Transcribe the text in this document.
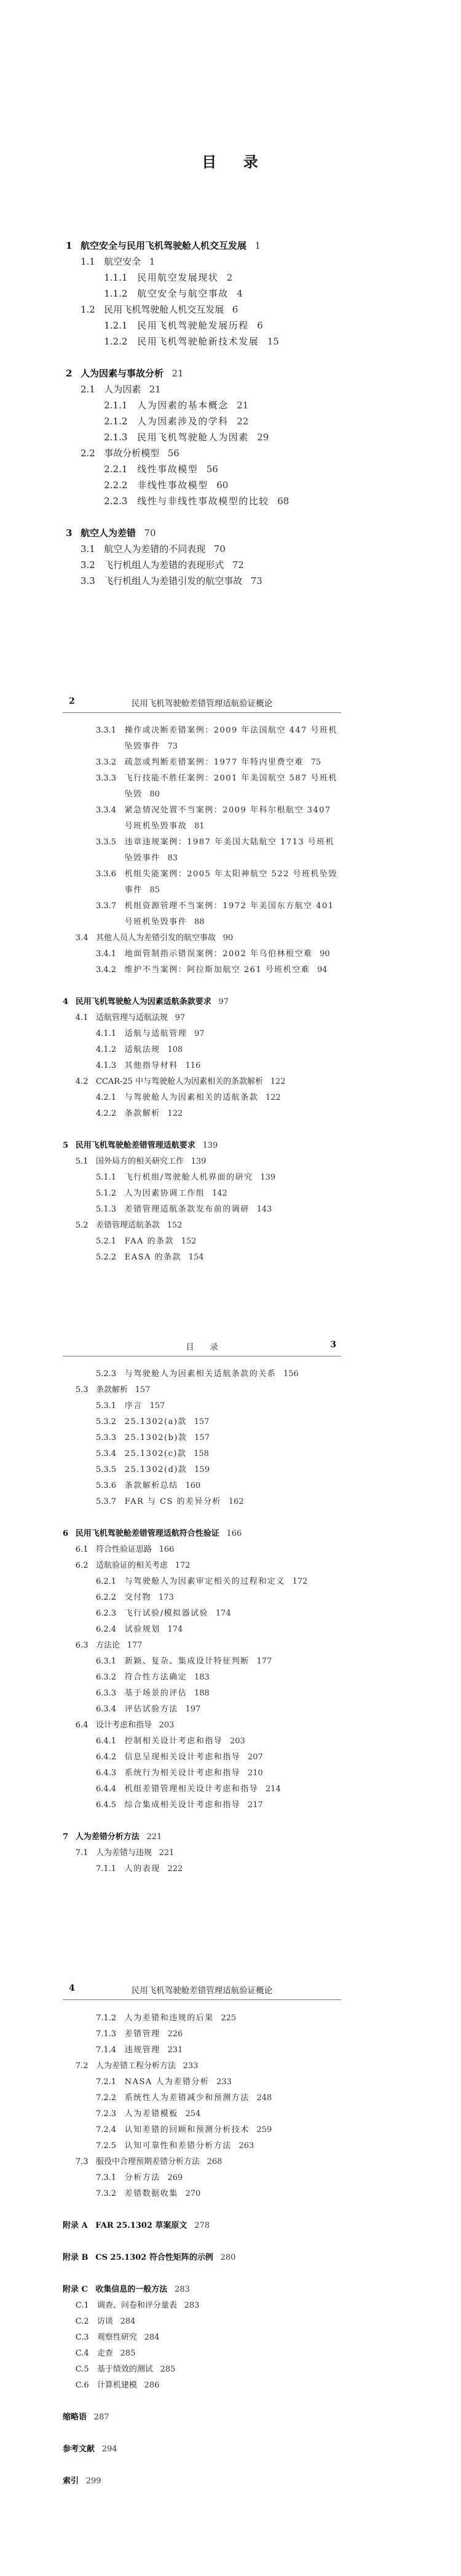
目    录
1 航空安全与民用飞机驾驶舱人机交互发展 1
1.1 航空安全 1
1.1.1	民用航空发展现状 2
1.1.2	航空安全与航空事故 4
1.2 民用飞机驾驶舱人机交互发展 6
1.2.1	民用飞机驾驶舱发展历程 6
1.2.2	民用飞机驾驶舱新技术发展 15
2 人为因素与事故分析 21
2.1 人为因素 21
2.1.1	人为因素的基本概念 21
2.1.2	人为因素涉及的学科 22
2.1.3	民用飞机驾驶舱人为因素 29
2.2 事故分析模型 56
2.2.1	线性事故模型 56
2.2.2	非线性事故模型 60
2.2.3	线性与非线性事故模型的比较 68
3 航空人为差错 70
3.1 航空人为差错的不同表现 70
3.2 飞行机组人为差错的表现形式 72
3.3 飞行机组人为差错引发的航空事故 73
2	民用飞机驾驶舱差错管理适航验证概论
3.3.1	操作或决断差错案例：2009 年法国航空 447 号班机坠毁事件 73
3.3.2	疏忽或判断差错案例：1977 年特内里费空难 75
3.3.3	飞行技能不胜任案例：2001 年美国航空 587 号班机坠毁 80
3.3.4	紧急情况处置不当案例：2009 年科尔根航空 3407 号班机坠毁事故 81
3.3.5	违章违规案例：1987 年美国大陆航空 1713 号班机坠毁事件 83
3.3.6	机组失能案例：2005 年太阳神航空 522 号班机坠毁事件 85
3.3.7	机组资源管理不当案例：1972 年美国东方航空 401 号班机坠毁事件 88
3.4 其他人员人为差错引发的航空事故 90
3.4.1	地面管制指示错误案例：2002 年乌伯林根空难 90
3.4.2	维护不当案例：阿拉斯加航空 261 号班机空难 94
4 民用飞机驾驶舱人为因素适航条款要求 97
4.1 适航管理与适航法规 97
4.1.1	适航与适航管理 97
4.1.2	适航法规 108
4.1.3	其他指导材料 116
4.2 CCAR-25 中与驾驶舱人为因素相关的条款解析 122
4.2.1	与驾驶舱人为因素相关的适航条款 122
4.2.2	条款解析 122
5 民用飞机驾驶舱差错管理适航要求 139
5.1 国外局方的相关研究工作 139
5.1.1	飞行机组/驾驶舱人机界面的研究 139
5.1.2	人为因素协调工作组 142
5.1.3	差错管理适航条款发布前的调研 143
5.2 差错管理适航条款 152
5.2.1	FAA 的条款 152
5.2.2	EASA 的条款 154
目      录	3
5.2.3	与驾驶舱人为因素相关适航条款的关系 156
5.3 条款解析 157
5.3.1	序言 157
5.3.2	25.1302(a)款 157
5.3.3	25.1302(b)款 157
5.3.4	25.1302(c)款 158
5.3.5	25.1302(d)款 159
5.3.6	条款解析总结 160
5.3.7	FAR 与 CS 的差异分析 162
6 民用飞机驾驶舱差错管理适航符合性验证 166
6.1 符合性验证思路 166
6.2 适航验证的相关考虑 172
6.2.1	与驾驶舱人为因素审定相关的过程和定义 172
6.2.2	交付物 173
6.2.3	飞行试验/模拟器试验 174
6.2.4	试验规划 174
6.3 方法论 177
6.3.1	新颖、复杂、集成设计特征判断 177
6.3.2	符合性方法确定 183
6.3.3	基于场景的评估 188
6.3.4	评估试验方法 197
6.4 设计考虑和指导 203
6.4.1	控制相关设计考虑和指导 203
6.4.2	信息呈现相关设计考虑和指导 207
6.4.3	系统行为相关设计考虑和指导 210
6.4.4	机组差错管理相关设计考虑和指导 214
6.4.5	综合集成相关设计考虑和指导 217
7 人为差错分析方法 221
7.1 人为差错与违规 221
7.1.1	人的表现 222
4	民用飞机驾驶舱差错管理适航验证概论
7.1.2	人为差错和违规的后果 225
7.1.3	差错管理 226
7.1.4	违规管理 231
7.2 人为差错工程分析方法 233
7.2.1	NASA 人为差错分析 233
7.2.2	系统性人为差错减少和预测方法 248
7.2.3	人为差错模板 254
7.2.4	认知差错的回顾和预测分析技术 259
7.2.5	认知可靠性和差错分析方法 263
7.3 服役中合理预期差错分析方法 268
7.3.1	分析方法 269
7.3.2	差错数据收集 270
附录 A FAR 25.1302 草案原文 278
附录 B CS 25.1302 符合性矩阵的示例 280
附录 C 收集信息的一般方法 283
C.1	调查、问卷和评分量表 283
C.2	访谈 284
C.3	观察性研究 284
C.4	走查 285
C.5	基于绩效的测试 285
C.6	计算机建模 286
缩略语 287
参考文献 294
索引 299
